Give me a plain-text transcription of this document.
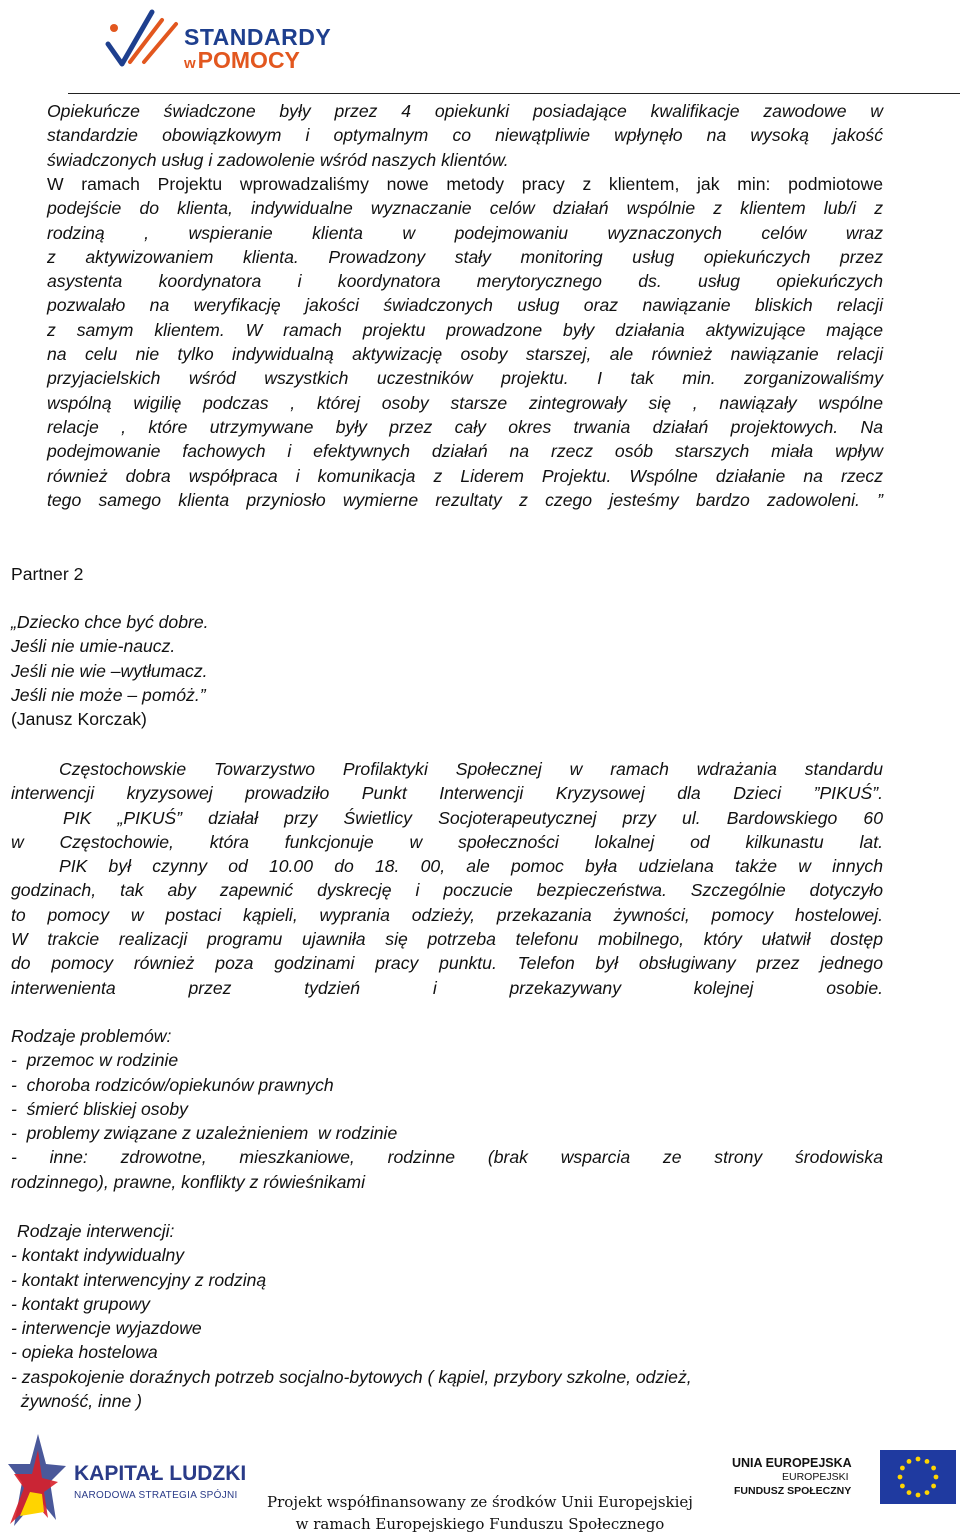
STANDARDY
wPOMOCY
Opiekuńcze świadczone były przez 4 opiekunki posiadające kwalifikacje zawodowe w
standardzie obowiązkowym i optymalnym co niewątpliwie wpłynęło na wysoką jakość
świadczonych usług i zadowolenie wśród naszych klientów.
W ramach Projektu wprowadzaliśmy nowe metody pracy z klientem, jak min: podmiotowe
podejście do klienta, indywidualne wyznaczanie celów działań wspólnie z klientem lub/i z
rodziną , wspieranie klienta w podejmowaniu wyznaczonych celów wraz
z aktywizowaniem klienta. Prowadzony stały monitoring usług opiekuńczych przez
asystenta koordynatora i koordynatora merytorycznego ds. usług opiekuńczych
pozwalało na weryfikację jakości świadczonych usług oraz nawiązanie bliskich relacji
z samym klientem. W ramach projektu prowadzone były działania aktywizujące mające
na celu nie tylko indywidualną aktywizację osoby starszej, ale również nawiązanie relacji
przyjacielskich wśród wszystkich uczestników projektu. I tak min. zorganizowaliśmy
wspólną wigilię podczas , której osoby starsze zintegrowały się , nawiązały wspólne
relacje , które utrzymywane były przez cały okres trwania działań projektowych. Na
podejmowanie fachowych i efektywnych działań na rzecz osób starszych miała wpływ
również dobra współpraca i komunikacja z Liderem Projektu. Wspólne działanie na rzecz
tego samego klienta przyniosło wymierne rezultaty z czego jesteśmy bardzo zadowoleni. ”
Partner 2
„Dziecko chce być dobre.
Jeśli nie umie-naucz.
Jeśli nie wie –wytłumacz.
Jeśli nie może – pomóż.”
(Janusz Korczak)
Częstochowskie Towarzystwo Profilaktyki Społecznej w ramach wdrażania standardu
interwencji kryzysowej prowadziło Punkt Interwencji Kryzysowej dla Dzieci ”PIKUŚ”.
PIK „PIKUŚ” działał przy Świetlicy Socjoterapeutycznej przy ul. Bardowskiego 60
w Częstochowie, która funkcjonuje w społeczności lokalnej od kilkunastu lat.
PIK był czynny od 10.00 do 18. 00, ale pomoc była udzielana także w innych
godzinach, tak aby zapewnić dyskrecję i poczucie bezpieczeństwa. Szczególnie dotyczyło
to pomocy w postaci kąpieli, wyprania odzieży, przekazania żywności, pomocy hostelowej.
W trakcie realizacji programu ujawniła się potrzeba telefonu mobilnego, który ułatwił dostęp
do pomocy również poza godzinami pracy punktu. Telefon był obsługiwany przez jednego
interwenienta przez tydzień i przekazywany kolejnej osobie.
Rodzaje problemów:
-  przemoc w rodzinie
-  choroba rodziców/opiekunów prawnych
-  śmierć bliskiej osoby
-  problemy związane z uzależnieniem  w rodzinie
- inne: zdrowotne, mieszkaniowe, rodzinne (brak wsparcia ze strony środowiska
rodzinnego), prawne, konflikty z rówieśnikami
Rodzaje interwencji:
- kontakt indywidualny
- kontakt interwencyjny z rodziną
- kontakt grupowy
- interwencje wyjazdowe
- opieka hostelowa
- zaspokojenie doraźnych potrzeb socjalno-bytowych ( kąpiel, przybory szkolne, odzież,
żywność, inne )
KAPITAŁ LUDZKI
NARODOWA STRATEGIA SPÓJNI
UNIA EUROPEJSKA
EUROPEJSKI
FUNDUSZ SPOŁECZNY
Projekt współfinansowany ze środków Unii Europejskiej
w ramach Europejskiego Funduszu Społecznego
